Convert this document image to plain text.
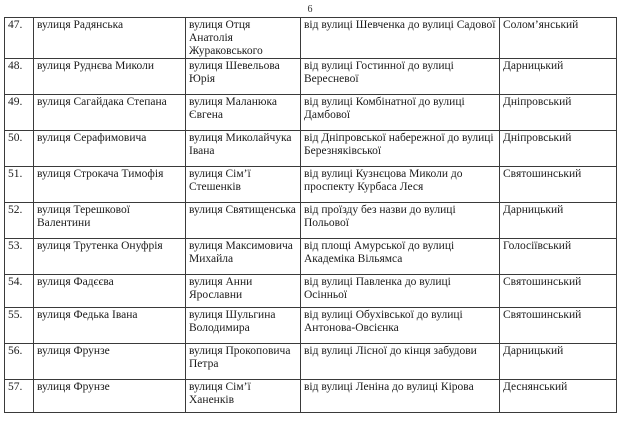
6
47.	вулиця Радянська	вулиця Отця Анатолія Жураковського	від вулиці Шевченка до вулиці Садової	Солом’янський
48.	вулиця Руднєва Миколи	вулиця Шевельова Юрія	від вулиці Гостинної до вулиці Вересневої	Дарницький
49.	вулиця Сагайдака Степана	вулиця Маланюка Євгена	від вулиці Комбінатної до вулиці Дамбової	Дніпровський
50.	вулиця Серафимовича	вулиця Миколайчука Івана	від Дніпровської набережної до вулиці Березняківської	Дніпровський
51.	вулиця Строкача Тимофія	вулиця Сім’ї Стешенків	від вулиці Кузнєцова Миколи до проспекту Курбаса Леся	Святошинський
52.	вулиця Терешкової Валентини	вулиця Святищенська	від проїзду без назви до вулиці Польової	Дарницький
53.	вулиця Трутенка Онуфрія	вулиця Максимовича Михайла	від площі Амурської до вулиці Академіка Вільямса	Голосіївський
54.	вулиця Фадєєва	вулиця Анни Ярославни	від вулиці Павленка до вулиці Осінньої	Святошинський
55.	вулиця Федька Івана	вулиця Шульгина Володимира	від вулиці Обухівської до вулиці Антонова-Овсієнка	Святошинський
56.	вулиця Фрунзе	вулиця Прокоповича Петра	від вулиці Лісної до кінця забудови	Дарницький
57.	вулиця Фрунзе	вулиця Сім’ї Ханенків	від вулиці Леніна до вулиці Кірова	Деснянський
